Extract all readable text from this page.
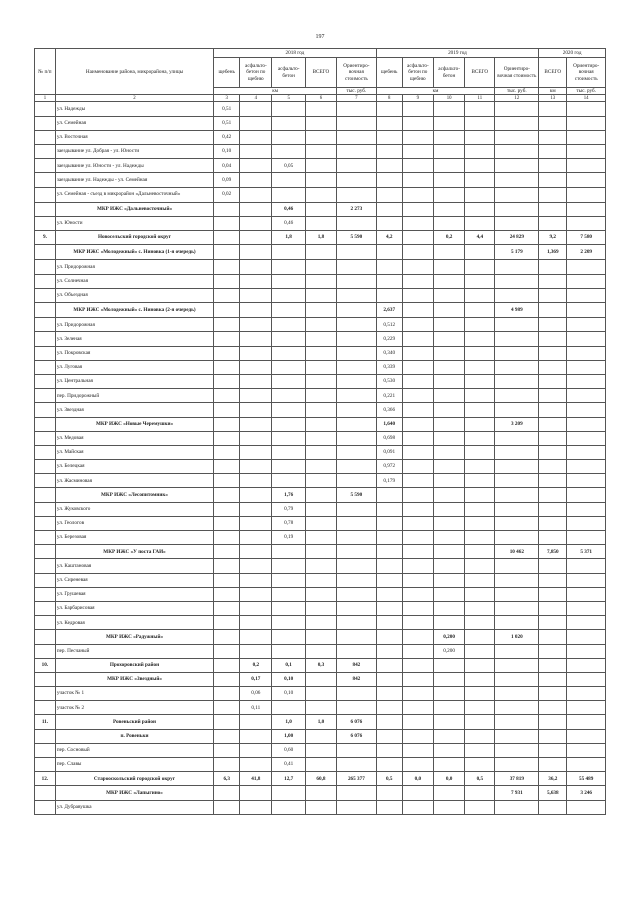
197
№ п/п	Наименование района, микрорайона, улицы	2018 год					2019 год					2020 год	
		щебень	асфальто-бетон по щебню	асфальто-бетон	ВСЕГО	Ориентиро-вочная стоимость	щебень	асфальто-бетон по щебню	асфальто-бетон	ВСЕГО	Ориентиро-вочная стоимость	ВСЕГО	Ориентиро-вочная стоимость
		км				тыс. руб.	км				тыс. руб.	км	тыс. руб.
1	2	3	4	5	6	7	8	9	10	11	12	13	14
	ул. Надежды	0,51											
	ул. Семейная	0,51											
	ул. Восточная	0,42											
	заездывание ул. Добрая - ул. Юности	0,10											
	заездывание ул. Юности - ул. Надежды	0,04		0,05									
	заездывание ул. Надежды - ул. Семейная	0,09											
	ул. Семейная - съезд в микрорайон «Дальневосточный»	0,02											
	МКР ИЖС «Дальневосточный»			0,46		2 273							
	ул. Юности			0,46									
9.	Новосельский городской округ			1,8	1,8	5 590	4,2		0,2	4,4	24 829	9,2	7 580
	МКР ИЖС «Молодежный» с. Ниновка (1-я очередь)										5 179	1,369	2 209
	ул. Придорожная												
	ул. Солнечная												
	ул. Объездная												
	МКР ИЖС «Молодежный» с. Ниновка (2-я очередь)						2,637				4 989		
	ул. Придорожная						0,512						
	ул. Зеленая						0,229						
	ул. Покровская						0,340						
	ул. Луговая						0,339						
	ул. Центральная						0,530						
	пер. Придорожный						0,221						
	ул. Звездная						0,366						
	МКР ИЖС «Новые Черемушки»						1,640				3 209		
	ул. Медовая						0,698						
	ул. Майская						0,091						
	ул. Белецкая						0,972						
	ул. Жасминовая						0,179						
	МКР ИЖС «Лесопитомник»			1,76		5 590							
	ул. Жуковского			0,79									
	ул. Геологов			0,78									
	ул. Березовая			0,19									
	МКР ИЖС «У поста ГАИ»										10 462	7,850	5 371
	ул. Каштановая												
	ул. Сиреневая												
	ул. Грушевая												
	ул. Барбарисовая												
	ул. Кедровая												
	МКР ИЖС «Радужный»								0,200		1 020		
	пер. Песчаный								0,200				
10.	Прохоровский район		0,2	0,1	0,3	842							
	МКР ИЖС «Звездный»		0,17	0,10		842							
	участок № 1		0,06	0,10									
	участок № 2		0,11										
11.	Ровеньский район			1,0	1,0	6 076							
	п. Ровеньки			1,00		6 076							
	пер. Сосновый			0,60									
	пер. Славы			0,41									
12.	Старооскольский городской округ	6,3	41,8	12,7	60,8	265 377	0,5	0,0	0,0	0,5	37 819	36,2	55 489
	МКР ИЖС «Лапыгино»										7 931	5,638	3 246
	ул. Дубравушка												
